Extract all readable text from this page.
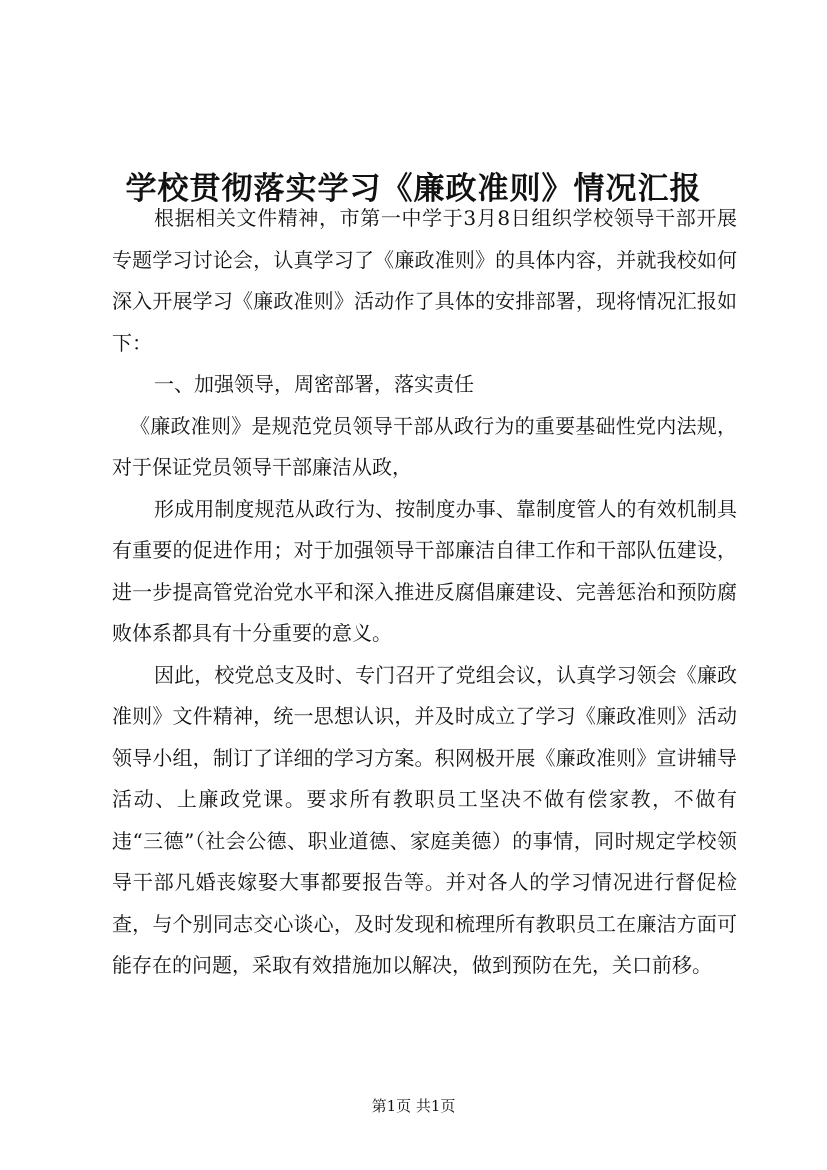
学校贯彻落实学习《廉政准则》情况汇报

根据相关文件精神，市第一中学于3月8日组织学校领导干部开展专题学习讨论会，认真学习了《廉政准则》的具体内容，并就我校如何深入开展学习《廉政准则》活动作了具体的安排部署，现将情况汇报如下：

一、加强领导，周密部署，落实责任

《廉政准则》是规范党员领导干部从政行为的重要基础性党内法规，对于保证党员领导干部廉洁从政，

形成用制度规范从政行为、按制度办事、靠制度管人的有效机制具有重要的促进作用；对于加强领导干部廉洁自律工作和干部队伍建设，进一步提高管党治党水平和深入推进反腐倡廉建设、完善惩治和预防腐败体系都具有十分重要的意义。

因此，校党总支及时、专门召开了党组会议，认真学习领会《廉政准则》文件精神，统一思想认识，并及时成立了学习《廉政准则》活动领导小组，制订了详细的学习方案。积网极开展《廉政准则》宣讲辅导活动、上廉政党课。要求所有教职员工坚决不做有偿家教，不做有违“三德”（社会公德、职业道德、家庭美德）的事情，同时规定学校领导干部凡婚丧嫁娶大事都要报告等。并对各人的学习情况进行督促检查，与个别同志交心谈心，及时发现和梳理所有教职员工在廉洁方面可能存在的问题，采取有效措施加以解决，做到预防在先，关口前移。

第1页 共1页
